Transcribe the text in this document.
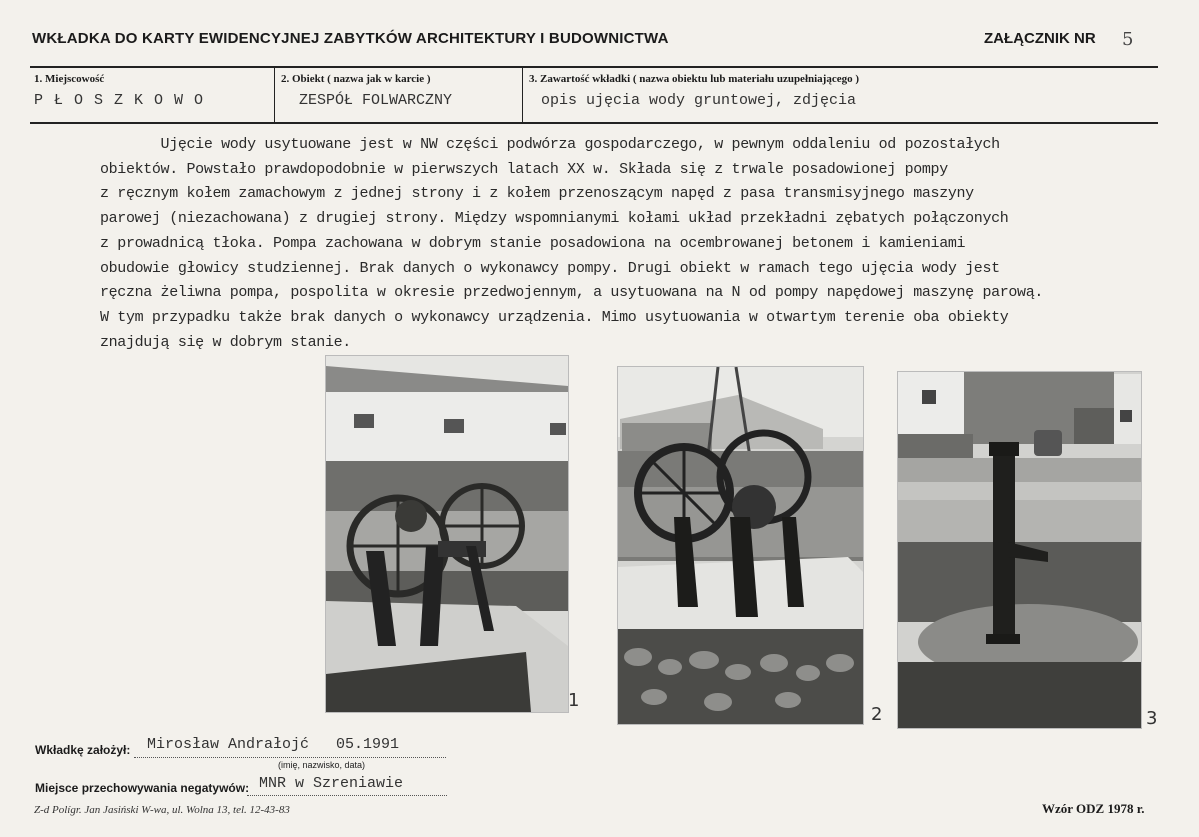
WKŁADKA DO KARTY EWIDENCYJNEJ ZABYTKÓW ARCHITEKTURY I BUDOWNICTWA	ZAŁĄCZNIK NR 5
1. Miejscowość
P Ł O S Z K O W O
2. Obiekt ( nazwa jak w karcie )
ZESPÓŁ FOLWARCZNY
3. Zawartość wkładki ( nazwa obiektu lub materiału uzupełniającego )
opis ujęcia wody gruntowej, zdjęcia
Ujęcie wody usytuowane jest w NW części podwórza gospodarczego, w pewnym oddaleniu od pozostałych
obiektów. Powstało prawdopodobnie w pierwszych latach XX w. Składa się z trwale posadowionej pompy
z ręcznym kołem zamachowym z jednej strony i z kołem przenoszącym napęd z pasa transmisyjnego maszyny
parowej (niezachowana) z drugiej strony. Między wspomnianymi kołami układ przekładni zębatych połączonych
z prowadnicą tłoka. Pompa zachowana w dobrym stanie posadowiona na ocembrowanej betonem i kamieniami
obudowie głowicy studziennej. Brak danych o wykonawcy pompy. Drugi obiekt w ramach tego ujęcia wody jest
ręczna żeliwna pompa, pospolita w okresie przedwojennym, a usytuowana na N od pompy napędowej maszynę parową.
W tym przypadku także brak danych o wykonawcy urządzenia. Mimo usytuowania w otwartym terenie oba obiekty
znajdują się w dobrym stanie.
1
2	3
Wkładkę założył: Mirosław Andrałojć   05.1991
(imię, nazwisko, data)
Miejsce przechowywania negatywów: MNR w Szreniawie
Z-d Polígr. Jan Jasiński W-wa, ul. Wolna 13, tel. 12-43-83	Wzór ODZ 1978 r.
